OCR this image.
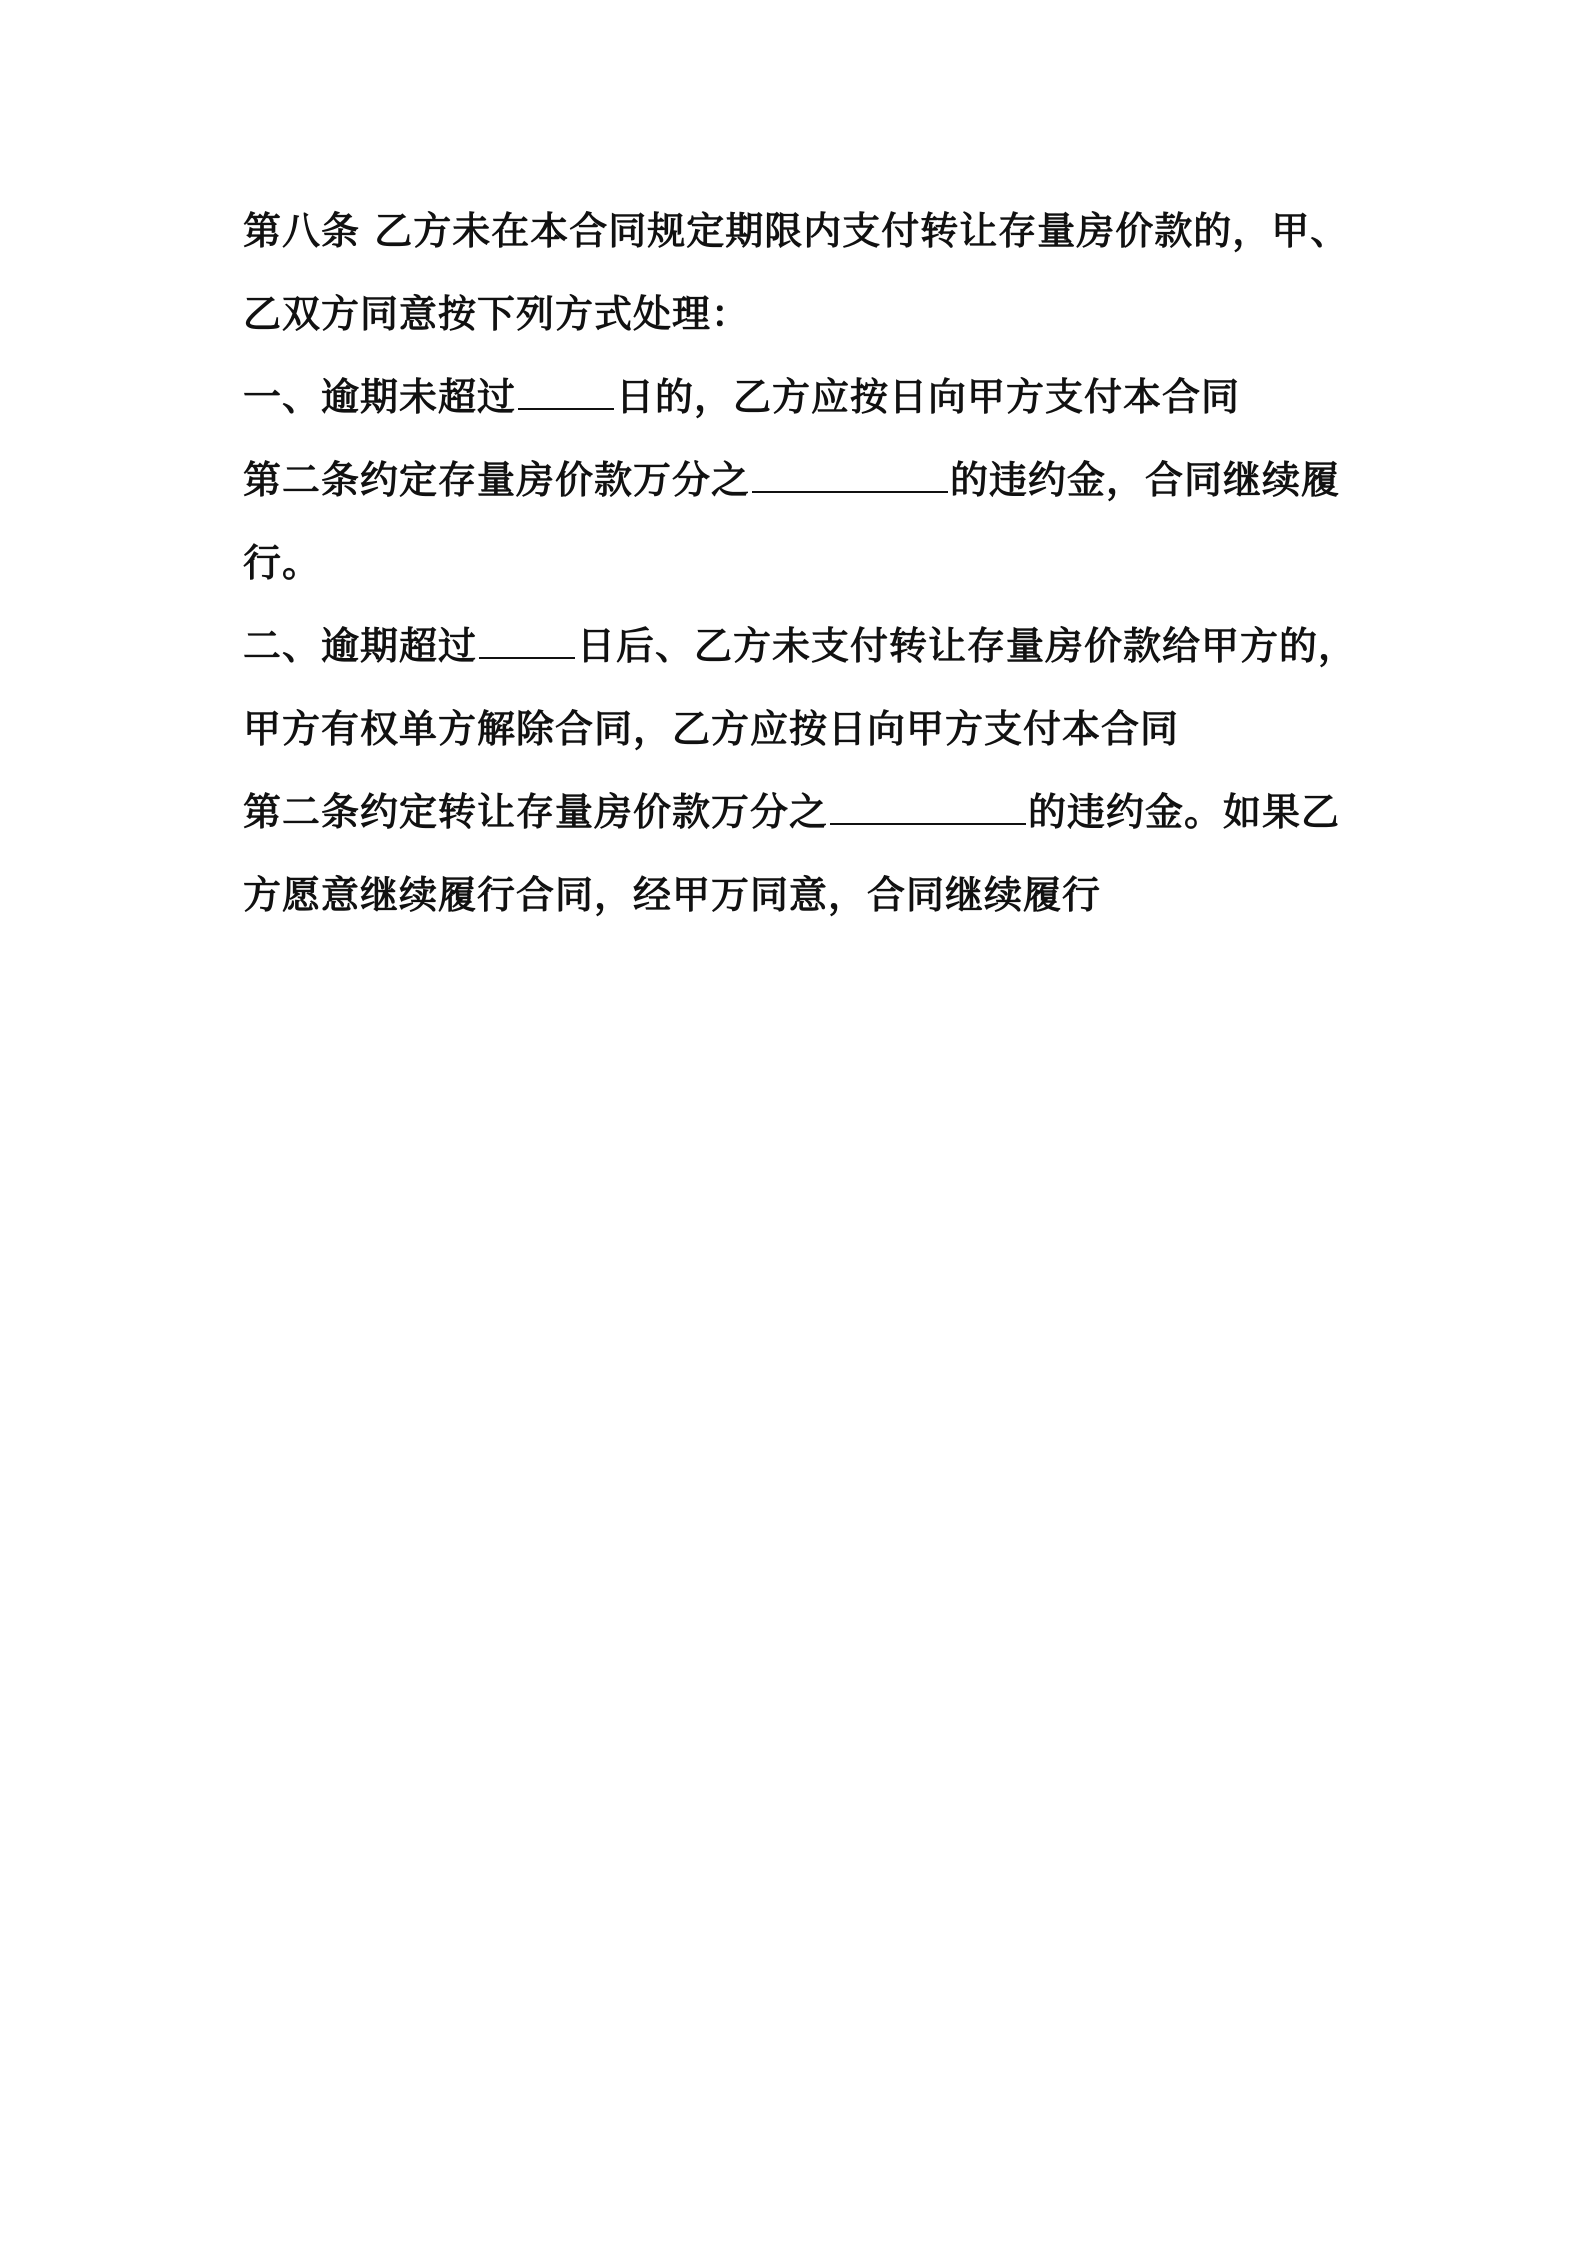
第八条 乙方未在本合同规定期限内支付转让存量房价款的，甲、
乙双方同意按下列方式处理：
一、逾期未超过	日的，乙方应按日向甲方支付本合同
第二条约定存量房价款万分之	的违约金，合同继续履
行。
二、逾期超过	日后、乙方未支付转让存量房价款给甲方的，
甲方有权单方解除合同，乙方应按日向甲方支付本合同
第二条约定转让存量房价款万分之	的违约金。如果乙
方愿意继续履行合同，经甲万同意，合同继续履行
